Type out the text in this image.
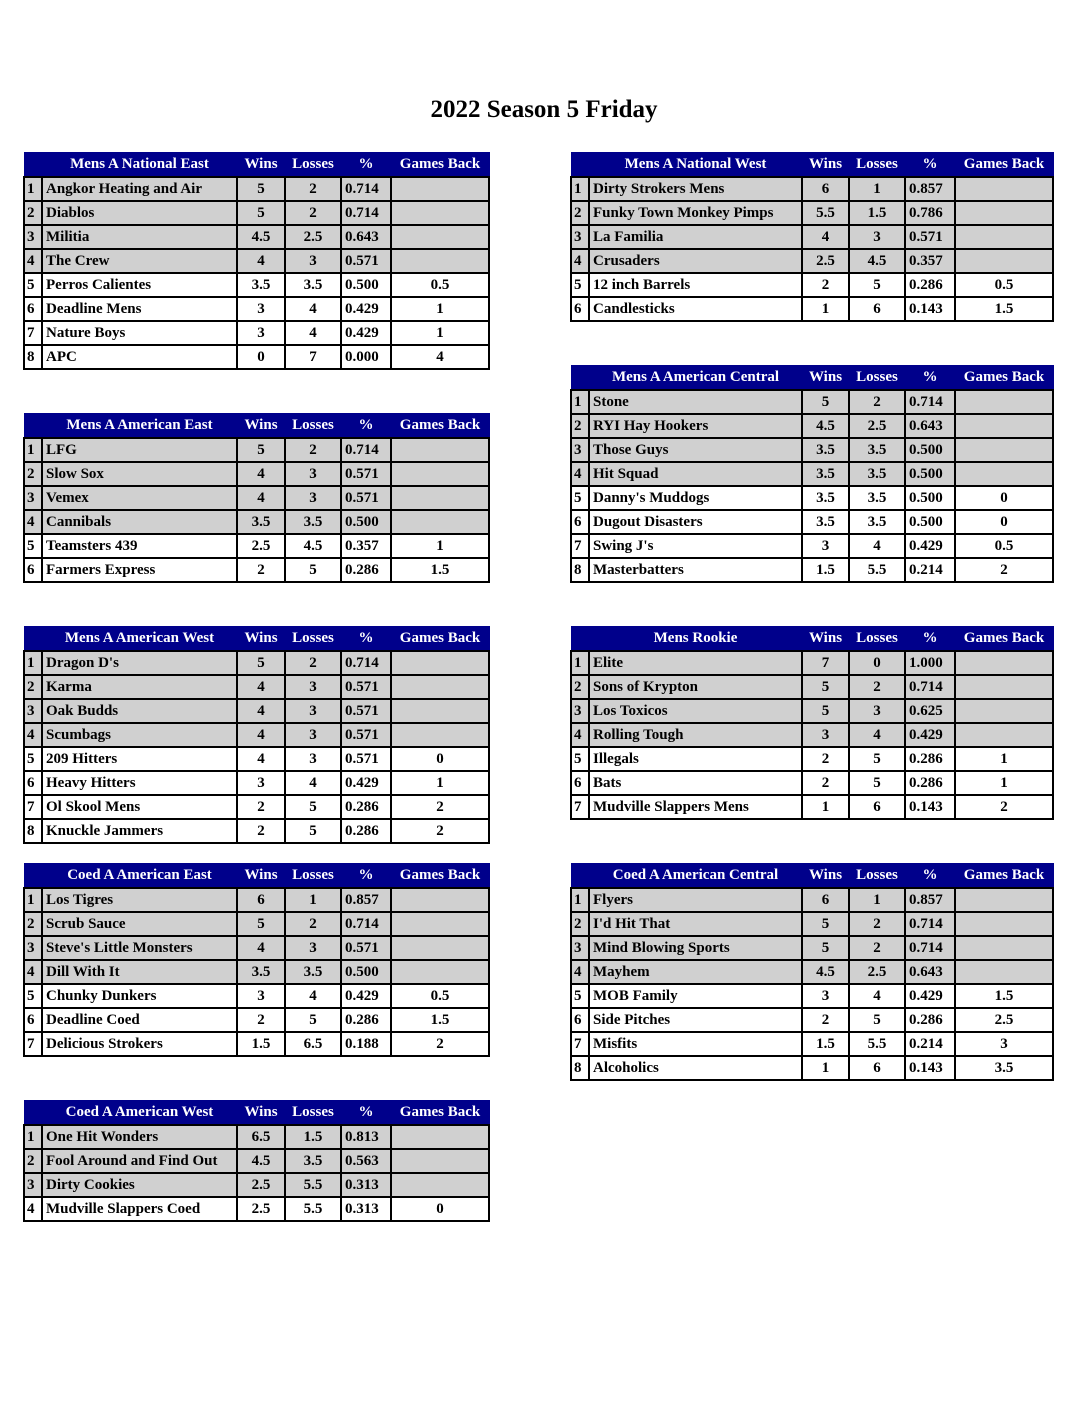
2022 Season 5 Friday
	Mens A National East	Wins	Losses	%	Games Back
1	Angkor Heating and Air	5	2	0.714	
2	Diablos	5	2	0.714	
3	Militia	4.5	2.5	0.643	
4	The Crew	4	3	0.571	
5	Perros Calientes	3.5	3.5	0.500	0.5
6	Deadline Mens	3	4	0.429	1
7	Nature Boys	3	4	0.429	1
8	APC	0	7	0.000	4
	Mens A American East	Wins	Losses	%	Games Back
1	LFG	5	2	0.714	
2	Slow Sox	4	3	0.571	
3	Vemex	4	3	0.571	
4	Cannibals	3.5	3.5	0.500	
5	Teamsters 439	2.5	4.5	0.357	1
6	Farmers Express	2	5	0.286	1.5
	Mens A American West	Wins	Losses	%	Games Back
1	Dragon D's	5	2	0.714	
2	Karma	4	3	0.571	
3	Oak Budds	4	3	0.571	
4	Scumbags	4	3	0.571	
5	209 Hitters	4	3	0.571	0
6	Heavy Hitters	3	4	0.429	1
7	Ol Skool Mens	2	5	0.286	2
8	Knuckle Jammers	2	5	0.286	2
	Coed A American East	Wins	Losses	%	Games Back
1	Los Tigres	6	1	0.857	
2	Scrub Sauce	5	2	0.714	
3	Steve's Little Monsters	4	3	0.571	
4	Dill With It	3.5	3.5	0.500	
5	Chunky Dunkers	3	4	0.429	0.5
6	Deadline Coed	2	5	0.286	1.5
7	Delicious Strokers	1.5	6.5	0.188	2
	Coed A American West	Wins	Losses	%	Games Back
1	One Hit Wonders	6.5	1.5	0.813	
2	Fool Around and Find Out	4.5	3.5	0.563	
3	Dirty Cookies	2.5	5.5	0.313	
4	Mudville Slappers Coed	2.5	5.5	0.313	0
	Mens A National West	Wins	Losses	%	Games Back
1	Dirty Strokers Mens	6	1	0.857	
2	Funky Town Monkey Pimps	5.5	1.5	0.786	
3	La Familia	4	3	0.571	
4	Crusaders	2.5	4.5	0.357	
5	12 inch Barrels	2	5	0.286	0.5
6	Candlesticks	1	6	0.143	1.5
	Mens A American Central	Wins	Losses	%	Games Back
1	Stone	5	2	0.714	
2	RYI Hay Hookers	4.5	2.5	0.643	
3	Those Guys	3.5	3.5	0.500	
4	Hit Squad	3.5	3.5	0.500	
5	Danny's Muddogs	3.5	3.5	0.500	0
6	Dugout Disasters	3.5	3.5	0.500	0
7	Swing J's	3	4	0.429	0.5
8	Masterbatters	1.5	5.5	0.214	2
	Mens Rookie	Wins	Losses	%	Games Back
1	Elite	7	0	1.000	
2	Sons of Krypton	5	2	0.714	
3	Los Toxicos	5	3	0.625	
4	Rolling Tough	3	4	0.429	
5	Illegals	2	5	0.286	1
6	Bats	2	5	0.286	1
7	Mudville Slappers Mens	1	6	0.143	2
	Coed A American Central	Wins	Losses	%	Games Back
1	Flyers	6	1	0.857	
2	I'd Hit That	5	2	0.714	
3	Mind Blowing Sports	5	2	0.714	
4	Mayhem	4.5	2.5	0.643	
5	MOB Family	3	4	0.429	1.5
6	Side Pitches	2	5	0.286	2.5
7	Misfits	1.5	5.5	0.214	3
8	Alcoholics	1	6	0.143	3.5
